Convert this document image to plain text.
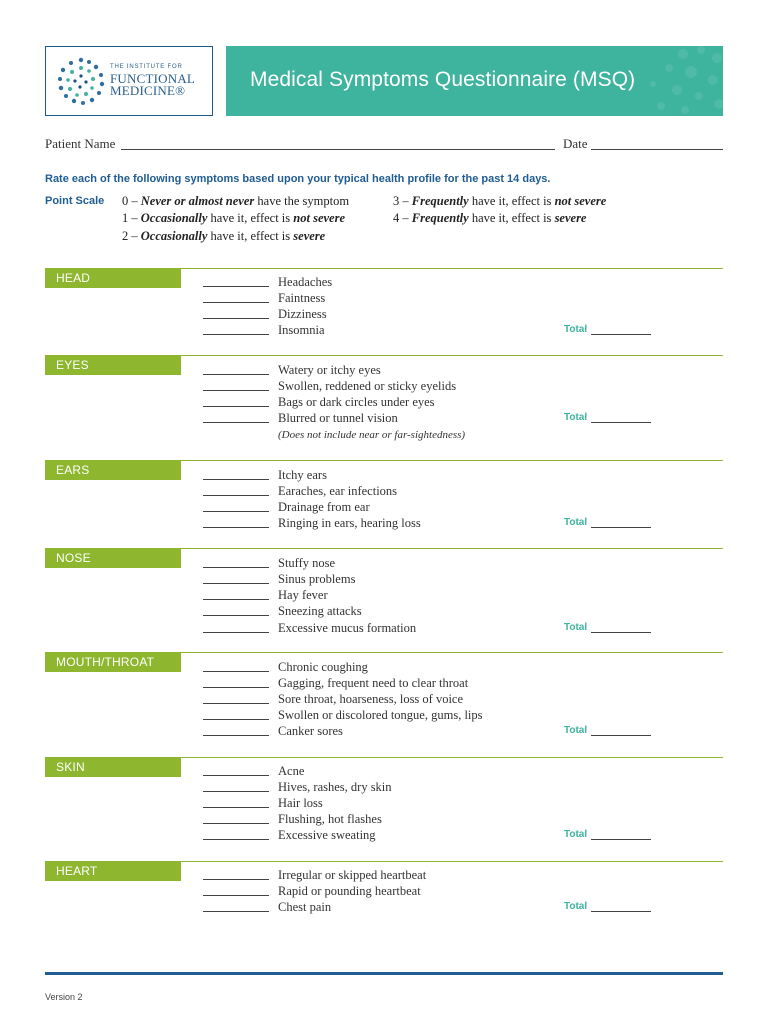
THE INSTITUTE FOR
FUNCTIONAL
MEDICINE®	Medical Symptoms Questionnaire (MSQ)
Patient Name	Date
Rate each of the following symptoms based upon your typical health profile for the past 14 days.
Point Scale 0 – Never or almost never have the symptom
1 – Occasionally have it, effect is not severe
2 – Occasionally have it, effect is severe
3 – Frequently have it, effect is not severe
4 – Frequently have it, effect is severe
HEAD	Headaches
Faintness
Dizziness
Insomnia	Total
EYES	Watery or itchy eyes
Swollen, reddened or sticky eyelids
Bags or dark circles under eyes
Blurred or tunnel vision
(Does not include near or far-sightedness)
Total
EARS	Itchy ears
Earaches, ear infections
Drainage from ear
Ringing in ears, hearing loss	Total
NOSE	Stuffy nose
Sinus problems
Hay fever
Sneezing attacks
Excessive mucus formation	Total
MOUTH/THROAT	Chronic coughing
Gagging, frequent need to clear throat
Sore throat, hoarseness, loss of voice
Swollen or discolored tongue, gums, lips
Canker sores	Total
SKIN	Acne
Hives, rashes, dry skin
Hair loss
Flushing, hot flashes
Excessive sweating	Total
HEART	Irregular or skipped heartbeat
Rapid or pounding heartbeat
Chest pain	Total
Version 2
